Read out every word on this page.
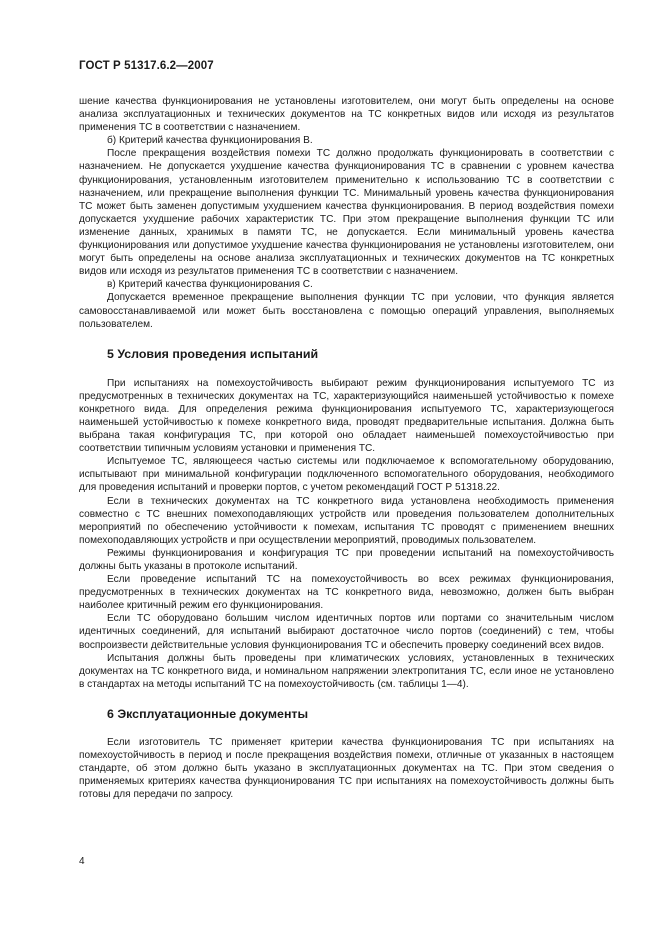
ГОСТ Р 51317.6.2—2007

шение качества функционирования не установлены изготовителем, они могут быть определены на основе анализа эксплуатационных и технических документов на ТС конкретных видов или исходя из результатов применения ТС в соответствии с назначением.

б) Критерий качества функционирования В.

После прекращения воздействия помехи ТС должно продолжать функционировать в соответствии с назначением. Не допускается ухудшение качества функционирования ТС в сравнении с уровнем качества функционирования, установленным изготовителем применительно к использованию ТС в соответствии с назначением, или прекращение выполнения функции ТС. Минимальный уровень качества функционирования ТС может быть заменен допустимым ухудшением качества функционирования. В период воздействия помехи допускается ухудшение рабочих характеристик ТС. При этом прекращение выполнения функции ТС или изменение данных, хранимых в памяти ТС, не допускается. Если минимальный уровень качества функционирования или допустимое ухудшение качества функционирования не установлены изготовителем, они могут быть определены на основе анализа эксплуатационных и технических документов на ТС конкретных видов или исходя из результатов применения ТС в соответствии с назначением.

в) Критерий качества функционирования С.

Допускается временное прекращение выполнения функции ТС при условии, что функция является самовосстанавливаемой или может быть восстановлена с помощью операций управления, выполняемых пользователем.

5 Условия проведения испытаний

При испытаниях на помехоустойчивость выбирают режим функционирования испытуемого ТС из предусмотренных в технических документах на ТС, характеризующийся наименьшей устойчивостью к помехе конкретного вида. Для определения режима функционирования испытуемого ТС, характеризующегося наименьшей устойчивостью к помехе конкретного вида, проводят предварительные испытания. Должна быть выбрана такая конфигурация ТС, при которой оно обладает наименьшей помехоустойчивостью при соответствии типичным условиям установки и применения ТС.

Испытуемое ТС, являющееся частью системы или подключаемое к вспомогательному оборудованию, испытывают при минимальной конфигурации подключенного вспомогательного оборудования, необходимого для проведения испытаний и проверки портов, с учетом рекомендаций ГОСТ Р 51318.22.

Если в технических документах на ТС конкретного вида установлена необходимость применения совместно с ТС внешних помехоподавляющих устройств или проведения пользователем дополнительных мероприятий по обеспечению устойчивости к помехам, испытания ТС проводят с применением внешних помехоподавляющих устройств и при осуществлении мероприятий, проводимых пользователем.

Режимы функционирования и конфигурация ТС при проведении испытаний на помехоустойчивость должны быть указаны в протоколе испытаний.

Если проведение испытаний ТС на помехоустойчивость во всех режимах функционирования, предусмотренных в технических документах на ТС конкретного вида, невозможно, должен быть выбран наиболее критичный режим его функционирования.

Если ТС оборудовано большим числом идентичных портов или портами со значительным числом идентичных соединений, для испытаний выбирают достаточное число портов (соединений) с тем, чтобы воспроизвести действительные условия функционирования ТС и обеспечить проверку соединений всех видов.

Испытания должны быть проведены при климатических условиях, установленных в технических документах на ТС конкретного вида, и номинальном напряжении электропитания ТС, если иное не установлено в стандартах на методы испытаний ТС на помехоустойчивость (см. таблицы 1—4).

6 Эксплуатационные документы

Если изготовитель ТС применяет критерии качества функционирования ТС при испытаниях на помехоустойчивость в период и после прекращения воздействия помехи, отличные от указанных в настоящем стандарте, об этом должно быть указано в эксплуатационных документах на ТС. При этом сведения о применяемых критериях качества функционирования ТС при испытаниях на помехоустойчивость должны быть готовы для передачи по запросу.

4
